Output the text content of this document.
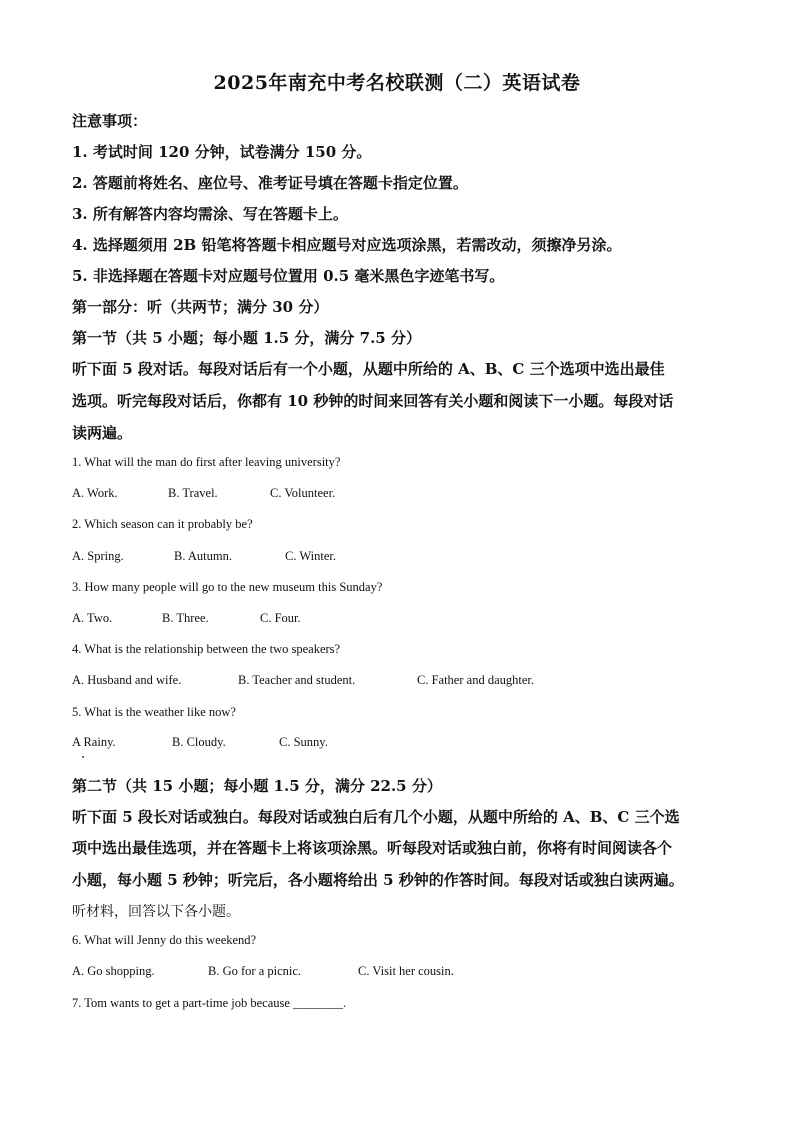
2025年南充中考名校联测（二）英语试卷
注意事项：
1. 考试时间 120 分钟，试卷满分 150 分。
2. 答题前将姓名、座位号、准考证号填在答题卡指定位置。
3. 所有解答内容均需涂、写在答题卡上。
4. 选择题须用 2B 铅笔将答题卡相应题号对应选项涂黑，若需改动，须擦净另涂。
5. 非选择题在答题卡对应题号位置用 0.5 毫米黑色字迹笔书写。
第一部分：听（共两节；满分 30 分）
第一节（共 5 小题；每小题 1.5 分，满分 7.5 分）
听下面 5 段对话。每段对话后有一个小题，从题中所给的 A、B、C 三个选项中选出最佳
选项。听完每段对话后，你都有 10 秒钟的时间来回答有关小题和阅读下一小题。每段对话
读两遍。
1. What will the man do first after leaving university?
A. Work.	B. Travel.	C. Volunteer.
2. Which season can it probably be?
A. Spring.	B. Autumn.	C. Winter.
3. How many people will go to the new museum this Sunday?
A. Two.	B. Three.	C. Four.
4. What is the relationship between the two speakers?
A. Husband and wife.	B. Teacher and student.	C. Father and daughter.
5. What is the weather like now?
A Rainy.	B. Cloudy.	C. Sunny.
第二节（共 15 小题；每小题 1.5 分，满分 22.5 分）
听下面 5 段长对话或独白。每段对话或独白后有几个小题，从题中所给的 A、B、C 三个选
项中选出最佳选项，并在答题卡上将该项涂黑。听每段对话或独白前，你将有时间阅读各个
小题，每小题 5 秒钟；听完后，各小题将给出 5 秒钟的作答时间。每段对话或独白读两遍。
听材料，回答以下各小题。
6. What will Jenny do this weekend?
A. Go shopping.	B. Go for a picnic.	C. Visit her cousin.
7. Tom wants to get a part-time job because ________.
